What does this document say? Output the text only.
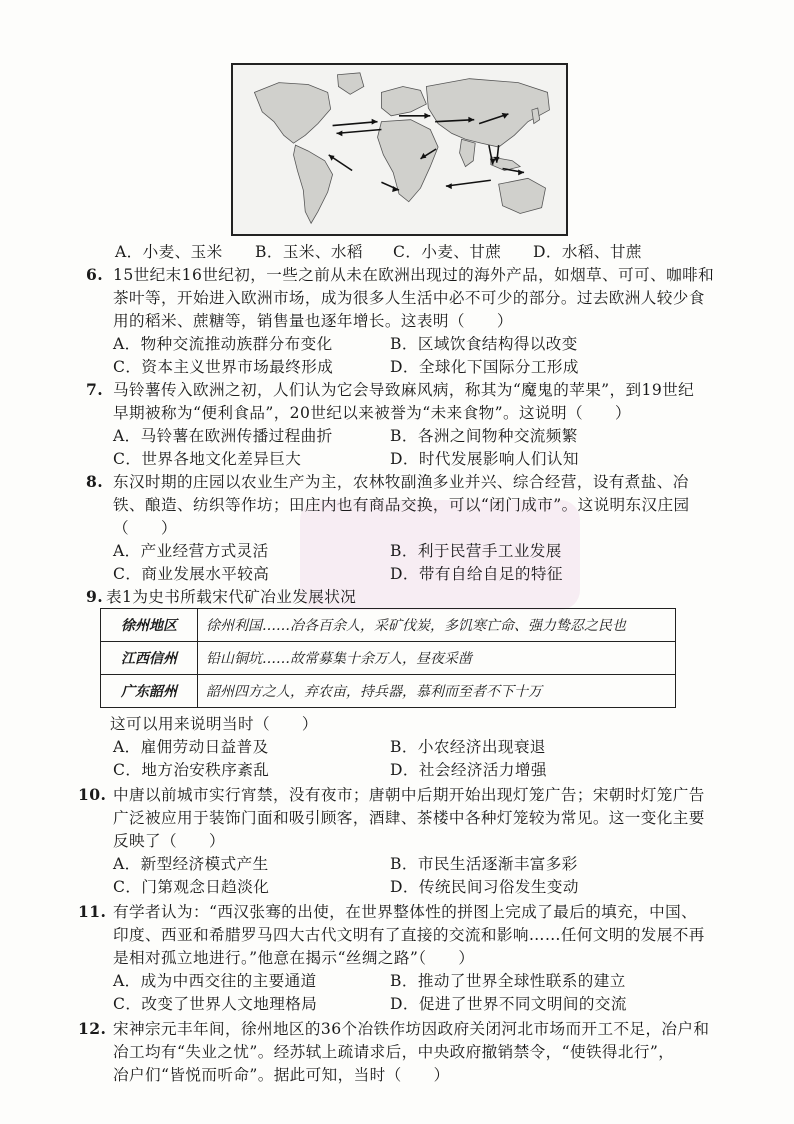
A．小麦、玉米 B．玉米、水稻 C．小麦、甘蔗 D．水稻、甘蔗
6. 15世纪末16世纪初，一些之前从未在欧洲出现过的海外产品，如烟草、可可、咖啡和
茶叶等，开始进入欧洲市场，成为很多人生活中必不可少的部分。过去欧洲人较少食
用的稻米、蔗糖等，销售量也逐年增长。这表明（　　）
A．物种交流推动族群分布变化	B．区域饮食结构得以改变
C．资本主义世界市场最终形成	D．全球化下国际分工形成
7. 马铃薯传入欧洲之初，人们认为它会导致麻风病，称其为“魔鬼的苹果”，到19世纪
早期被称为“便利食品”，20世纪以来被誉为“未来食物”。这说明（　　）
A．马铃薯在欧洲传播过程曲折	B．各洲之间物种交流频繁
C．世界各地文化差异巨大	D．时代发展影响人们认知
8. 东汉时期的庄园以农业生产为主，农林牧副渔多业并兴、综合经营，设有煮盐、冶
铁、酿造、纺织等作坊；田庄内也有商品交换，可以“闭门成市”。这说明东汉庄园
（　　）
A．产业经营方式灵活	B．利于民营手工业发展
C．商业发展水平较高	D．带有自给自足的特征
9. 表1为史书所载宋代矿冶业发展状况
徐州地区	徐州利国……冶各百余人，采矿伐炭，多饥寒亡命、强力鸷忍之民也
江西信州	铅山铜坑……故常募集十余万人，昼夜采凿
广东韶州	韶州四方之人，弃农亩，持兵器，慕利而至者不下十万
这可以用来说明当时（　　）
A．雇佣劳动日益普及	B．小农经济出现衰退
C．地方治安秩序紊乱	D．社会经济活力增强
10. 中唐以前城市实行宵禁，没有夜市；唐朝中后期开始出现灯笼广告；宋朝时灯笼广告
广泛被应用于装饰门面和吸引顾客，酒肆、茶楼中各种灯笼较为常见。这一变化主要
反映了（　　）
A．新型经济模式产生	B．市民生活逐渐丰富多彩
C．门第观念日趋淡化	D．传统民间习俗发生变动
11. 有学者认为：“西汉张骞的出使，在世界整体性的拼图上完成了最后的填充，中国、
印度、西亚和希腊罗马四大古代文明有了直接的交流和影响……任何文明的发展不再
是相对孤立地进行。”他意在揭示“丝绸之路”（　　）
A．成为中西交往的主要通道	B．推动了世界全球性联系的建立
C．改变了世界人文地理格局	D．促进了世界不同文明间的交流
12. 宋神宗元丰年间，徐州地区的36个冶铁作坊因政府关闭河北市场而开工不足，冶户和
冶工均有“失业之忧”。经苏轼上疏请求后，中央政府撤销禁令，“使铁得北行”，
冶户们“皆悦而听命”。据此可知，当时（　　）
